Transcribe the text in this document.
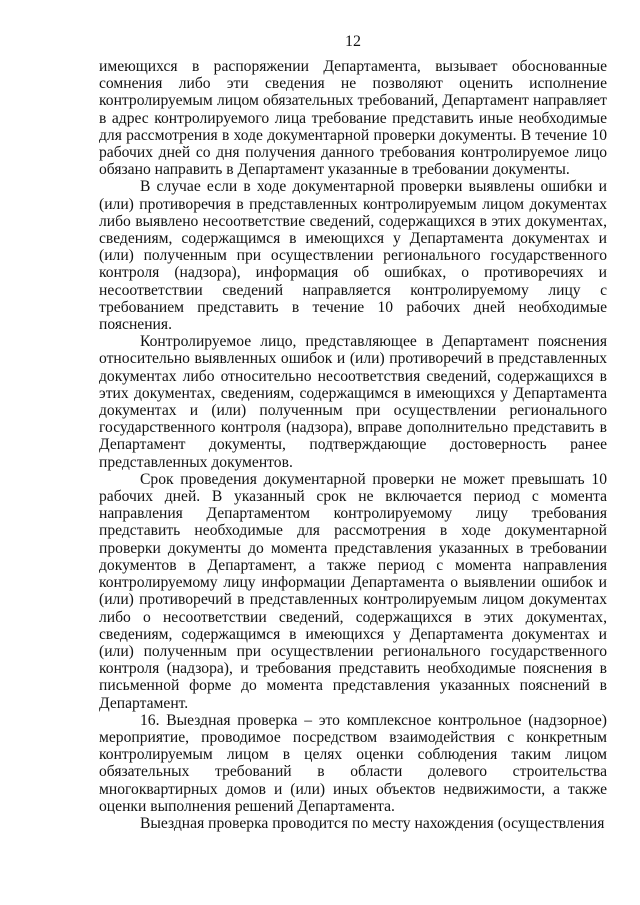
12

имеющихся в распоряжении Департамента, вызывает обоснованные сомнения либо эти сведения не позволяют оценить исполнение контролируемым лицом обязательных требований, Департамент направляет в адрес контролируемого лица требование представить иные необходимые для рассмотрения в ходе документарной проверки документы. В течение 10 рабочих дней со дня получения данного требования контролируемое лицо обязано направить в Департамент указанные в требовании документы.

В случае если в ходе документарной проверки выявлены ошибки и (или) противоречия в представленных контролируемым лицом документах либо выявлено несоответствие сведений, содержащихся в этих документах, сведениям, содержащимся в имеющихся у Департамента документах и (или) полученным при осуществлении регионального государственного контроля (надзора), информация об ошибках, о противоречиях и несоответствии сведений направляется контролируемому лицу с требованием представить в течение 10 рабочих дней необходимые пояснения.

Контролируемое лицо, представляющее в Департамент пояснения относительно выявленных ошибок и (или) противоречий в представленных документах либо относительно несоответствия сведений, содержащихся в этих документах, сведениям, содержащимся в имеющихся у Департамента документах и (или) полученным при осуществлении регионального государственного контроля (надзора), вправе дополнительно представить в Департамент документы, подтверждающие достоверность ранее представленных документов.

Срок проведения документарной проверки не может превышать 10 рабочих дней. В указанный срок не включается период с момента направления Департаментом контролируемому лицу требования представить необходимые для рассмотрения в ходе документарной проверки документы до момента представления указанных в требовании документов в Департамент, а также период с момента направления контролируемому лицу информации Департамента о выявлении ошибок и (или) противоречий в представленных контролируемым лицом документах либо о несоответствии сведений, содержащихся в этих документах, сведениям, содержащимся в имеющихся у Департамента документах и (или) полученным при осуществлении регионального государственного контроля (надзора), и требования представить необходимые пояснения в письменной форме до момента представления указанных пояснений в Департамент.

16. Выездная проверка – это комплексное контрольное (надзорное) мероприятие, проводимое посредством взаимодействия с конкретным контролируемым лицом в целях оценки соблюдения таким лицом обязательных требований в области долевого строительства многоквартирных домов и (или) иных объектов недвижимости, а также оценки выполнения решений Департамента.

Выездная проверка проводится по месту нахождения (осуществления
